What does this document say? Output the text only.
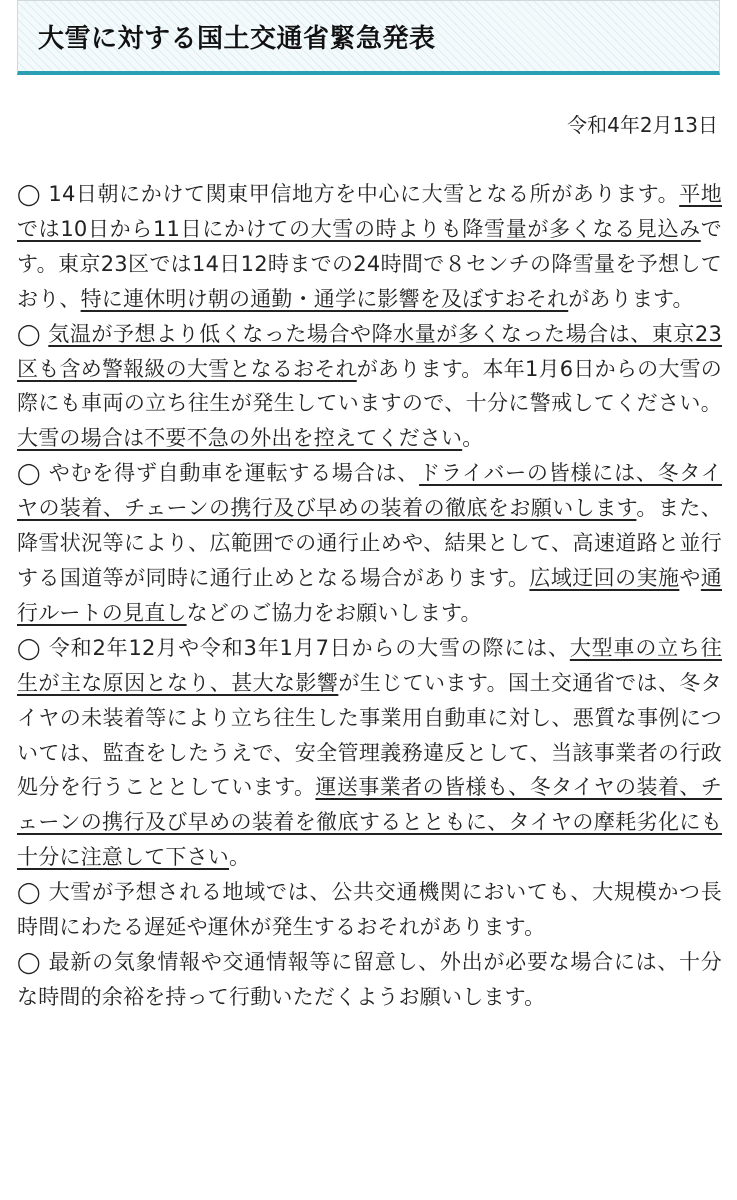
大雪に対する国土交通省緊急発表
令和4年2月13日

◯ 14日朝にかけて関東甲信地方を中心に大雪となる所があります。平地では10日から11日にかけての大雪の時よりも降雪量が多くなる見込みです。東京23区では14日12時までの24時間で８センチの降雪量を予想しており、特に連休明け朝の通勤・通学に影響を及ぼすおそれがあります。

◯ 気温が予想より低くなった場合や降水量が多くなった場合は、東京23区も含め警報級の大雪となるおそれがあります。本年1月6日からの大雪の際にも車両の立ち往生が発生していますので、十分に警戒してください。大雪の場合は不要不急の外出を控えてください。

◯ やむを得ず自動車を運転する場合は、ドライバーの皆様には、冬タイヤの装着、チェーンの携行及び早めの装着の徹底をお願いします。また、降雪状況等により、広範囲での通行止めや、結果として、高速道路と並行する国道等が同時に通行止めとなる場合があります。広域迂回の実施や通行ルートの見直しなどのご協力をお願いします。

◯ 令和2年12月や令和3年1月7日からの大雪の際には、大型車の立ち往生が主な原因となり、甚大な影響が生じています。国土交通省では、冬タイヤの未装着等により立ち往生した事業用自動車に対し、悪質な事例については、監査をしたうえで、安全管理義務違反として、当該事業者の行政処分を行うこととしています。運送事業者の皆様も、冬タイヤの装着、チェーンの携行及び早めの装着を徹底するとともに、タイヤの摩耗劣化にも十分に注意して下さい。

◯ 大雪が予想される地域では、公共交通機関においても、大規模かつ長時間にわたる遅延や運休が発生するおそれがあります。

◯ 最新の気象情報や交通情報等に留意し、外出が必要な場合には、十分な時間的余裕を持って行動いただくようお願いします。
